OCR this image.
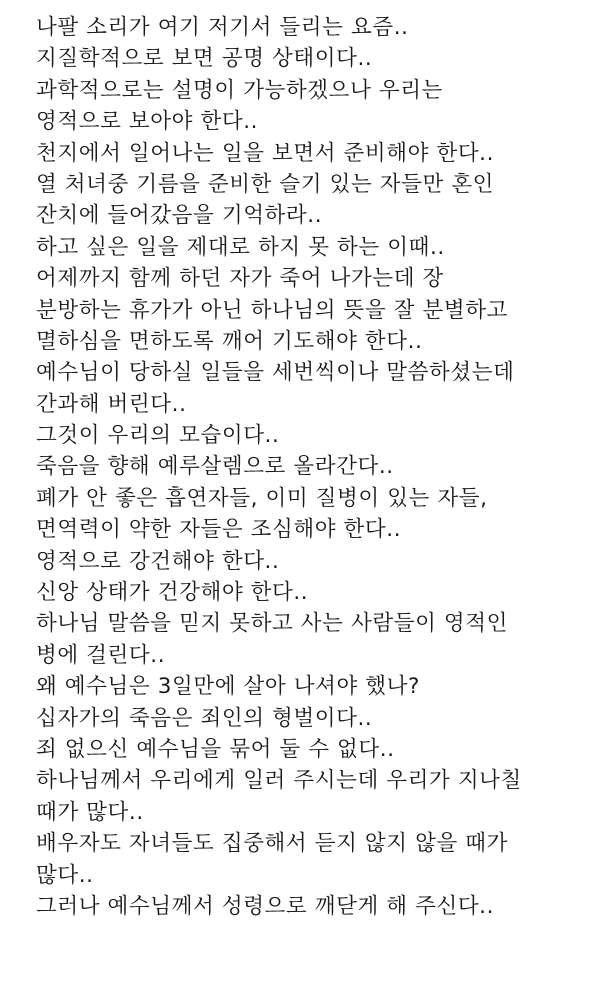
나팔 소리가 여기 저기서 들리는 요즘..
지질학적으로 보면 공명 상태이다..
과학적으로는 설명이 가능하겠으나 우리는
영적으로 보아야 한다..
천지에서 일어나는 일을 보면서 준비해야 한다..
열 처녀중 기름을 준비한 슬기 있는 자들만 혼인
잔치에 들어갔음을 기억하라..
하고 싶은 일을 제대로 하지 못 하는 이때..
어제까지 함께 하던 자가 죽어 나가는데 장
분방하는 휴가가 아닌 하나님의 뜻을 잘 분별하고
멸하심을 면하도록 깨어 기도해야 한다..
예수님이 당하실 일들을 세번씩이나 말씀하셨는데
간과해 버린다..
그것이 우리의 모습이다..
죽음을 향해 예루살렘으로 올라간다..
폐가 안 좋은 흡연자들, 이미 질병이 있는 자들,
면역력이 약한 자들은 조심해야 한다..
영적으로 강건해야 한다..
신앙 상태가 건강해야 한다..
하나님 말씀을 믿지 못하고 사는 사람들이 영적인
병에 걸린다..
왜 예수님은 3일만에 살아 나셔야 했나?
십자가의 죽음은 죄인의 형벌이다..
죄 없으신 예수님을 묶어 둘 수 없다..
하나님께서 우리에게 일러 주시는데 우리가 지나칠
때가 많다..
배우자도 자녀들도 집중해서 듣지 않지 않을 때가
많다..
그러나 예수님께서 성령으로 깨닫게 해 주신다..
